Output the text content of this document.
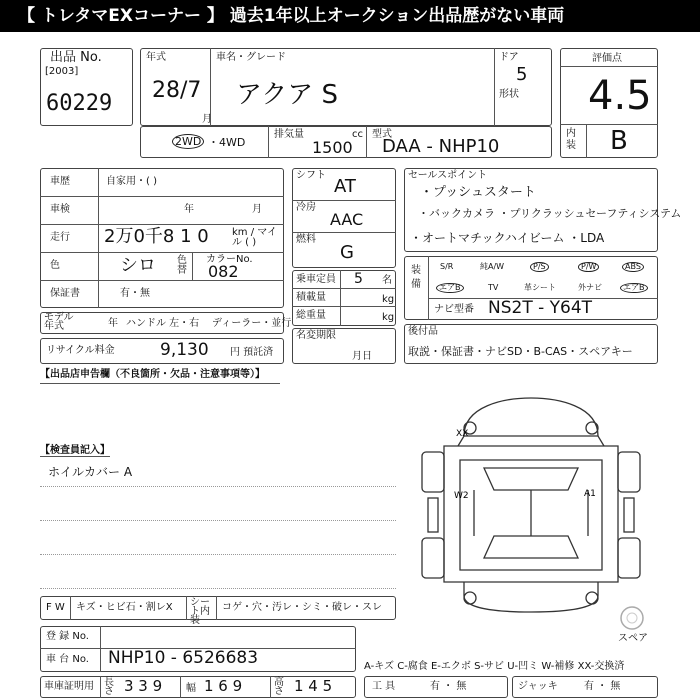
【 トレタマEXコーナー 】 過去1年以上オークション出品歴がない車両
出品 No.
[2003]
60229
年式
28/7
月
車名・グレード
アクア S
ドア
5
形状
評価点
4.5
内装 B
2WD ・4WD
排気量	cc
1500
型式
DAA - NHP10
車歴	自家用・( )
車検	年	月
走行 2万0千8 1 0 km / マイル ( )
色	シロ 色替
カラーNo.
082
保証書	有・無
モデル年式	年 ハンドル 左・右 ディーラー・並行
リサイクル料金	9,130 円 預託済
シフト
AT
冷房
AAC
燃料
G
乗車定員 5 名
積載量	kg
総重量	kg
名変期限
月日
セールスポイント
・プッシュスタート
・バックカメラ ・プリクラッシュセーフティシステム
・オートマチックハイビーム ・LDA
装備
S/R	純A/W	P/S	P/W	ABS
エアB	TV	革シート	外ナビ	エアB
ナビ型番 NS2T - Y64T
後付品
取説・保証書・ナビSD・B-CAS・スペアキー
【出品店申告欄（不良箇所・欠品・注意事項等）】
【検査員記入】
ホイルカバー A
XX
W2	A1
スペア
F W キズ・ヒビ石・割レX シート内装
コゲ・穴・汚レ・シミ・破レ・スレ
登 録 No.
車 台 No. NHP10 - 6526683	A-キズ C-腐食 E-エクボ S-サビ U-凹ミ W-補修 XX-交換済
車庫証明用 長さ 3 3 9 幅 1 6 9	高さ 1 4 5	工 具	有 ・ 無	ジャッキ	有 ・ 無
